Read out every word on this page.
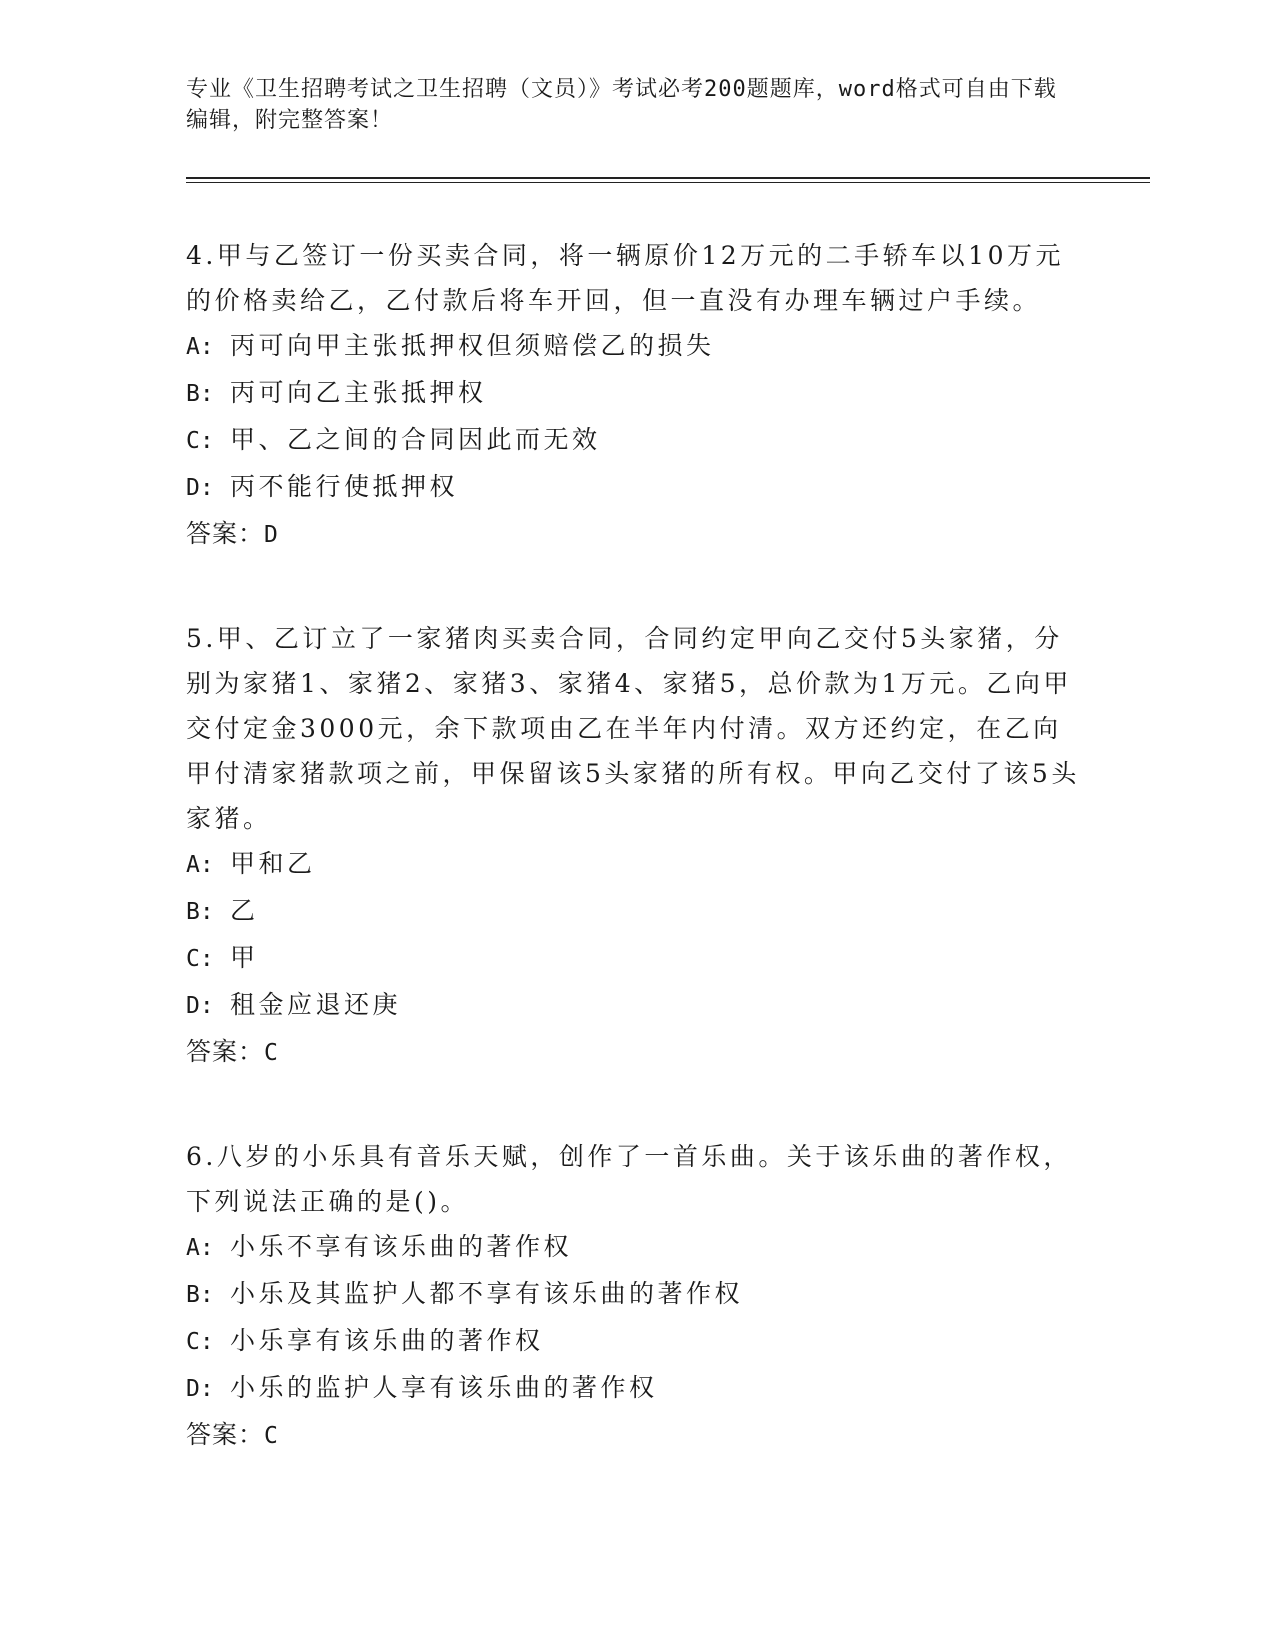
专业《卫生招聘考试之卫生招聘（文员）》考试必考200题题库，word格式可自由下载编辑，附完整答案！
4.甲与乙签订一份买卖合同，将一辆原价12万元的二手轿车以10万元的价格卖给乙，乙付款后将车开回，但一直没有办理车辆过户手续。
A: 丙可向甲主张抵押权但须赔偿乙的损失
B: 丙可向乙主张抵押权
C: 甲、乙之间的合同因此而无效
D: 丙不能行使抵押权
答案：D
5.甲、乙订立了一家猪肉买卖合同，合同约定甲向乙交付5头家猪，分别为家猪1、家猪2、家猪3、家猪4、家猪5，总价款为1万元。乙向甲交付定金3000元，余下款项由乙在半年内付清。双方还约定，在乙向甲付清家猪款项之前，甲保留该5头家猪的所有权。甲向乙交付了该5头家猪。
A: 甲和乙
B: 乙
C: 甲
D: 租金应退还庚
答案：C
6.八岁的小乐具有音乐天赋，创作了一首乐曲。关于该乐曲的著作权，下列说法正确的是()。
A: 小乐不享有该乐曲的著作权
B: 小乐及其监护人都不享有该乐曲的著作权
C: 小乐享有该乐曲的著作权
D: 小乐的监护人享有该乐曲的著作权
答案：C
